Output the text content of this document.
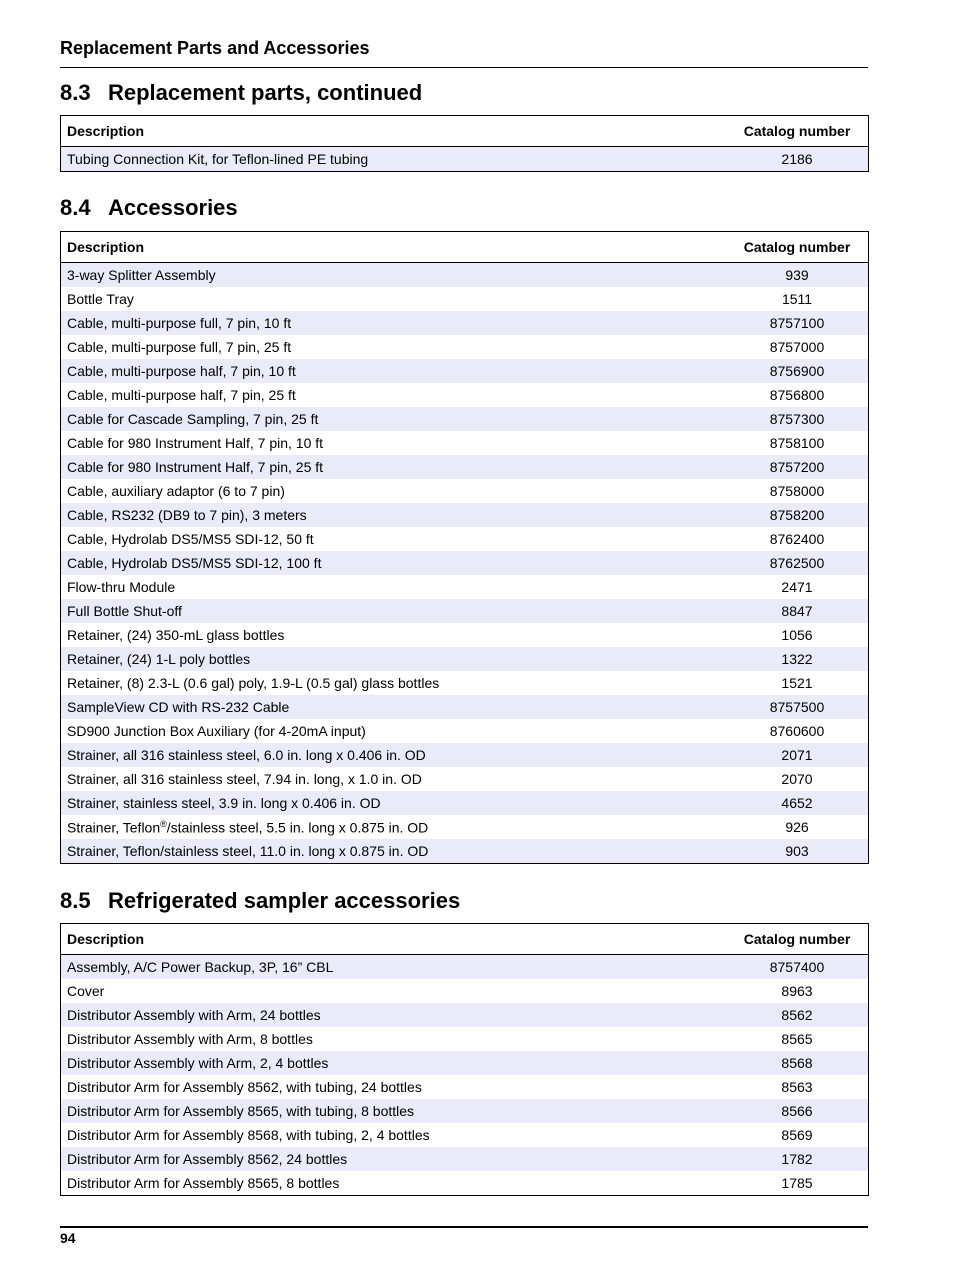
Replacement Parts and Accessories
8.3 Replacement parts, continued
Description	Catalog number
Tubing Connection Kit, for Teflon-lined PE tubing	2186
8.4 Accessories
Description	Catalog number
3-way Splitter Assembly	939
Bottle Tray	1511
Cable, multi-purpose full, 7 pin, 10 ft	8757100
Cable, multi-purpose full, 7 pin, 25 ft	8757000
Cable, multi-purpose half, 7 pin, 10 ft	8756900
Cable, multi-purpose half, 7 pin, 25 ft	8756800
Cable for Cascade Sampling, 7 pin, 25 ft	8757300
Cable for 980 Instrument Half, 7 pin, 10 ft	8758100
Cable for 980 Instrument Half, 7 pin, 25 ft	8757200
Cable, auxiliary adaptor (6 to 7 pin)	8758000
Cable, RS232 (DB9 to 7 pin), 3 meters	8758200
Cable, Hydrolab DS5/MS5 SDI-12, 50 ft	8762400
Cable, Hydrolab DS5/MS5 SDI-12, 100 ft	8762500
Flow-thru Module	2471
Full Bottle Shut-off	8847
Retainer, (24) 350-mL glass bottles	1056
Retainer, (24) 1-L poly bottles	1322
Retainer, (8) 2.3-L (0.6 gal) poly, 1.9-L (0.5 gal) glass bottles	1521
SampleView CD with RS-232 Cable	8757500
SD900 Junction Box Auxiliary (for 4-20mA input)	8760600
Strainer, all 316 stainless steel, 6.0 in. long x 0.406 in. OD	2071
Strainer, all 316 stainless steel, 7.94 in. long, x 1.0 in. OD	2070
Strainer, stainless steel, 3.9 in. long x 0.406 in. OD	4652
Strainer, Teflon®/stainless steel, 5.5 in. long x 0.875 in. OD	926
Strainer, Teflon/stainless steel, 11.0 in. long x 0.875 in. OD	903
8.5 Refrigerated sampler accessories
Description	Catalog number
Assembly, A/C Power Backup, 3P, 16” CBL	8757400
Cover	8963
Distributor Assembly with Arm, 24 bottles	8562
Distributor Assembly with Arm, 8 bottles	8565
Distributor Assembly with Arm, 2, 4 bottles	8568
Distributor Arm for Assembly 8562, with tubing, 24 bottles	8563
Distributor Arm for Assembly 8565, with tubing, 8 bottles	8566
Distributor Arm for Assembly 8568, with tubing, 2, 4 bottles	8569
Distributor Arm for Assembly 8562, 24 bottles	1782
Distributor Arm for Assembly 8565, 8 bottles	1785
94
